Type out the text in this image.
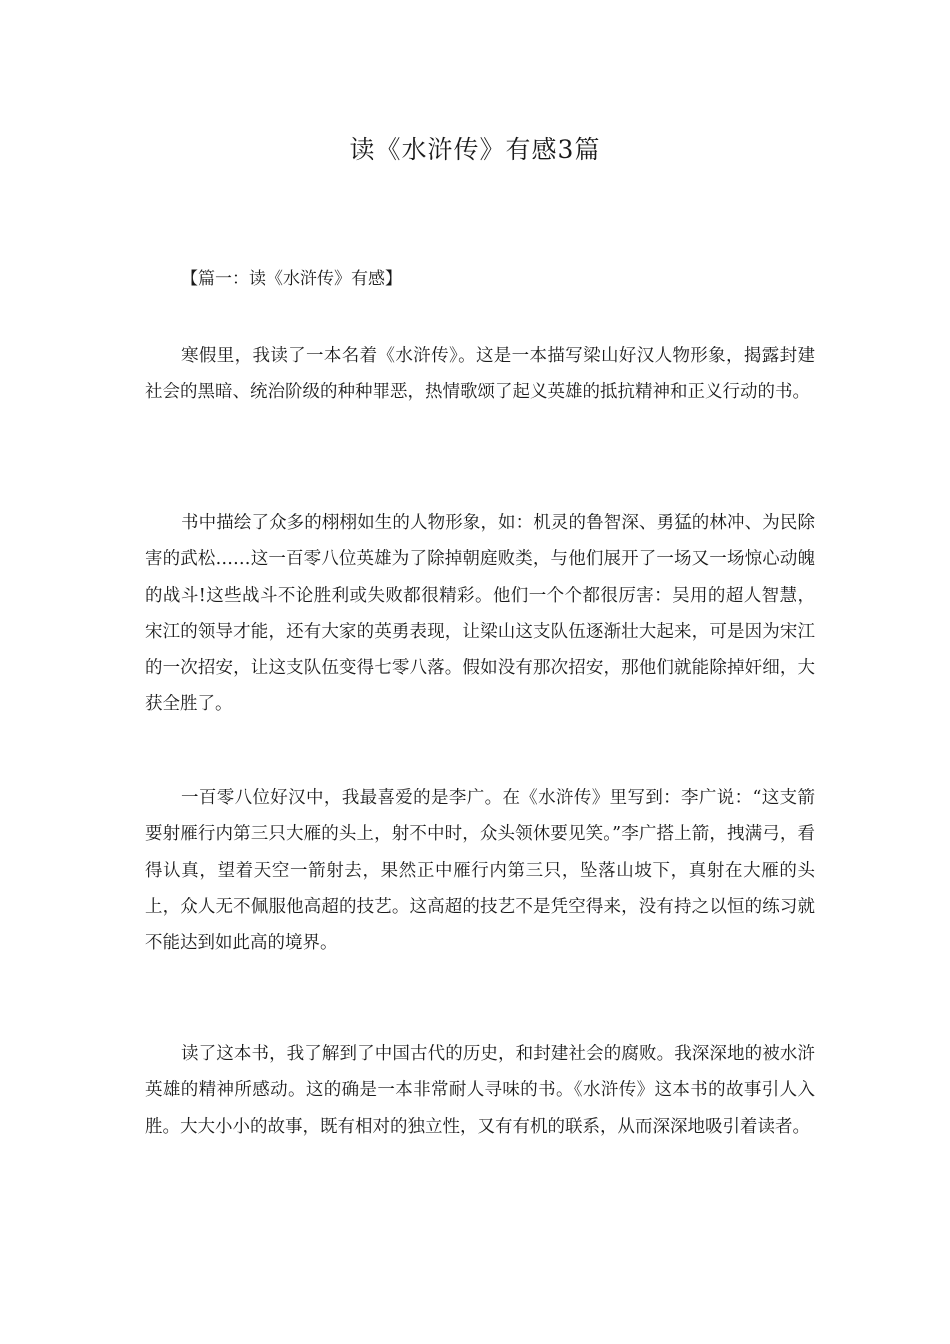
读《水浒传》有感3篇
【篇一：读《水浒传》有感】

寒假里，我读了一本名着《水浒传》。这是一本描写梁山好汉人物形象，揭露封建社会的黑暗、统治阶级的种种罪恶，热情歌颂了起义英雄的抵抗精神和正义行动的书。

书中描绘了众多的栩栩如生的人物形象，如：机灵的鲁智深、勇猛的林冲、为民除害的武松……这一百零八位英雄为了除掉朝庭败类，与他们展开了一场又一场惊心动魄的战斗!这些战斗不论胜利或失败都很精彩。他们一个个都很厉害：吴用的超人智慧，宋江的领导才能，还有大家的英勇表现，让梁山这支队伍逐渐壮大起来，可是因为宋江的一次招安，让这支队伍变得七零八落。假如没有那次招安，那他们就能除掉奸细，大获全胜了。

一百零八位好汉中，我最喜爱的是李广。在《水浒传》里写到：李广说：“这支箭要射雁行内第三只大雁的头上，射不中时，众头领休要见笑。”李广搭上箭，拽满弓，看得认真，望着天空一箭射去，果然正中雁行内第三只，坠落山坡下，真射在大雁的头上，众人无不佩服他高超的技艺。这高超的技艺不是凭空得来，没有持之以恒的练习就不能达到如此高的境界。

读了这本书，我了解到了中国古代的历史，和封建社会的腐败。我深深地的被水浒英雄的精神所感动。这的确是一本非常耐人寻味的书。《水浒传》这本书的故事引人入胜。大大小小的故事，既有相对的独立性，又有有机的联系，从而深深地吸引着读者。
